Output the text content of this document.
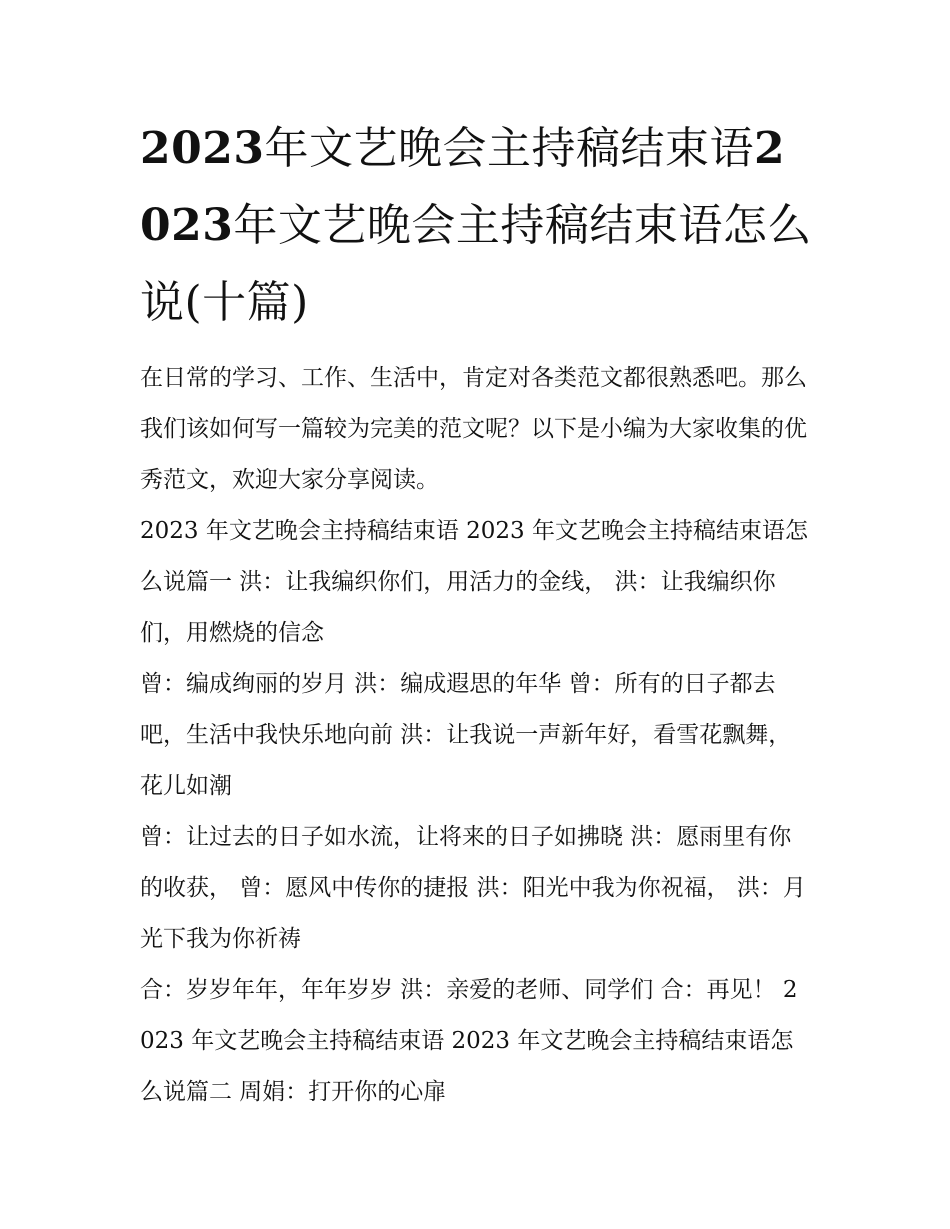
2023年文艺晚会主持稿结束语2023年文艺晚会主持稿结束语怎么说(十篇)

在日常的学习、工作、生活中，肯定对各类范文都很熟悉吧。那么我们该如何写一篇较为完美的范文呢？以下是小编为大家收集的优秀范文，欢迎大家分享阅读。

2023 年文艺晚会主持稿结束语 2023 年文艺晚会主持稿结束语怎么说篇一 洪：让我编织你们，用活力的金线， 洪：让我编织你们，用燃烧的信念

曾：编成绚丽的岁月 洪：编成遐思的年华 曾：所有的日子都去吧，生活中我快乐地向前 洪：让我说一声新年好，看雪花飘舞，花儿如潮

曾：让过去的日子如水流，让将来的日子如拂晓 洪：愿雨里有你的收获， 曾：愿风中传你的捷报 洪：阳光中我为你祝福， 洪：月光下我为你祈祷

合：岁岁年年，年年岁岁 洪：亲爱的老师、同学们 合：再见！ 2023 年文艺晚会主持稿结束语 2023 年文艺晚会主持稿结束语怎么说篇二 周娟：打开你的心扉
